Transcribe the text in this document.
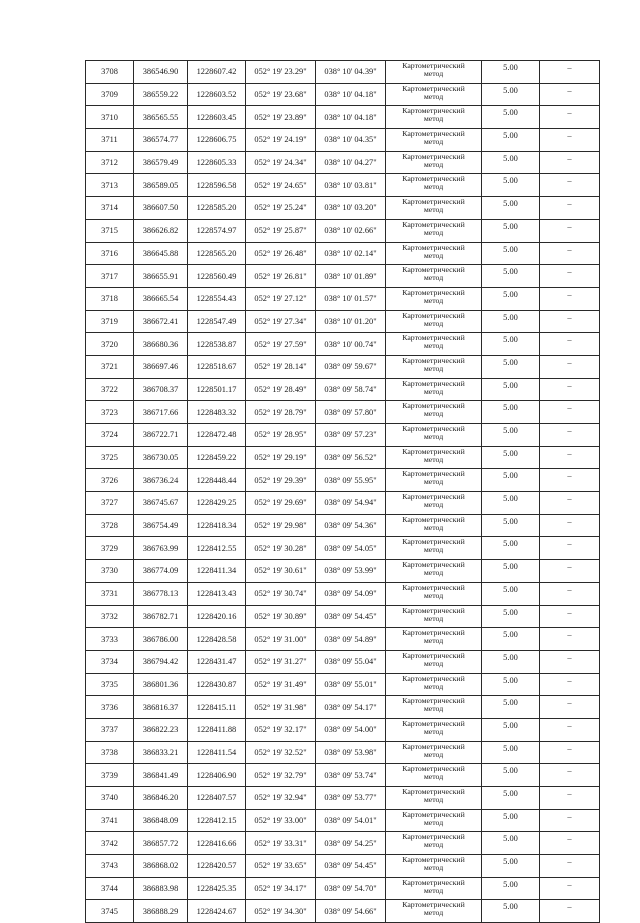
3708	386546.90	1228607.42	052° 19' 23.29"	038° 10' 04.39"	Картометрический
метод	5.00	–
3709	386559.22	1228603.52	052° 19' 23.68"	038° 10' 04.18"	Картометрический
метод	5.00	–
3710	386565.55	1228603.45	052° 19' 23.89"	038° 10' 04.18"	Картометрический
метод	5.00	–
3711	386574.77	1228606.75	052° 19' 24.19"	038° 10' 04.35"	Картометрический
метод	5.00	–
3712	386579.49	1228605.33	052° 19' 24.34"	038° 10' 04.27"	Картометрический
метод	5.00	–
3713	386589.05	1228596.58	052° 19' 24.65"	038° 10' 03.81"	Картометрический
метод	5.00	–
3714	386607.50	1228585.20	052° 19' 25.24"	038° 10' 03.20"	Картометрический
метод	5.00	–
3715	386626.82	1228574.97	052° 19' 25.87"	038° 10' 02.66"	Картометрический
метод	5.00	–
3716	386645.88	1228565.20	052° 19' 26.48"	038° 10' 02.14"	Картометрический
метод	5.00	–
3717	386655.91	1228560.49	052° 19' 26.81"	038° 10' 01.89"	Картометрический
метод	5.00	–
3718	386665.54	1228554.43	052° 19' 27.12"	038° 10' 01.57"	Картометрический
метод	5.00	–
3719	386672.41	1228547.49	052° 19' 27.34"	038° 10' 01.20"	Картометрический
метод	5.00	–
3720	386680.36	1228538.87	052° 19' 27.59"	038° 10' 00.74"	Картометрический
метод	5.00	–
3721	386697.46	1228518.67	052° 19' 28.14"	038° 09' 59.67"	Картометрический
метод	5.00	–
3722	386708.37	1228501.17	052° 19' 28.49"	038° 09' 58.74"	Картометрический
метод	5.00	–
3723	386717.66	1228483.32	052° 19' 28.79"	038° 09' 57.80"	Картометрический
метод	5.00	–
3724	386722.71	1228472.48	052° 19' 28.95"	038° 09' 57.23"	Картометрический
метод	5.00	–
3725	386730.05	1228459.22	052° 19' 29.19"	038° 09' 56.52"	Картометрический
метод	5.00	–
3726	386736.24	1228448.44	052° 19' 29.39"	038° 09' 55.95"	Картометрический
метод	5.00	–
3727	386745.67	1228429.25	052° 19' 29.69"	038° 09' 54.94"	Картометрический
метод	5.00	–
3728	386754.49	1228418.34	052° 19' 29.98"	038° 09' 54.36"	Картометрический
метод	5.00	–
3729	386763.99	1228412.55	052° 19' 30.28"	038° 09' 54.05"	Картометрический
метод	5.00	–
3730	386774.09	1228411.34	052° 19' 30.61"	038° 09' 53.99"	Картометрический
метод	5.00	–
3731	386778.13	1228413.43	052° 19' 30.74"	038° 09' 54.09"	Картометрический
метод	5.00	–
3732	386782.71	1228420.16	052° 19' 30.89"	038° 09' 54.45"	Картометрический
метод	5.00	–
3733	386786.00	1228428.58	052° 19' 31.00"	038° 09' 54.89"	Картометрический
метод	5.00	–
3734	386794.42	1228431.47	052° 19' 31.27"	038° 09' 55.04"	Картометрический
метод	5.00	–
3735	386801.36	1228430.87	052° 19' 31.49"	038° 09' 55.01"	Картометрический
метод	5.00	–
3736	386816.37	1228415.11	052° 19' 31.98"	038° 09' 54.17"	Картометрический
метод	5.00	–
3737	386822.23	1228411.88	052° 19' 32.17"	038° 09' 54.00"	Картометрический
метод	5.00	–
3738	386833.21	1228411.54	052° 19' 32.52"	038° 09' 53.98"	Картометрический
метод	5.00	–
3739	386841.49	1228406.90	052° 19' 32.79"	038° 09' 53.74"	Картометрический
метод	5.00	–
3740	386846.20	1228407.57	052° 19' 32.94"	038° 09' 53.77"	Картометрический
метод	5.00	–
3741	386848.09	1228412.15	052° 19' 33.00"	038° 09' 54.01"	Картометрический
метод	5.00	–
3742	386857.72	1228416.66	052° 19' 33.31"	038° 09' 54.25"	Картометрический
метод	5.00	–
3743	386868.02	1228420.57	052° 19' 33.65"	038° 09' 54.45"	Картометрический
метод	5.00	–
3744	386883.98	1228425.35	052° 19' 34.17"	038° 09' 54.70"	Картометрический
метод	5.00	–
3745	386888.29	1228424.67	052° 19' 34.30"	038° 09' 54.66"	Картометрический
метод	5.00	–
